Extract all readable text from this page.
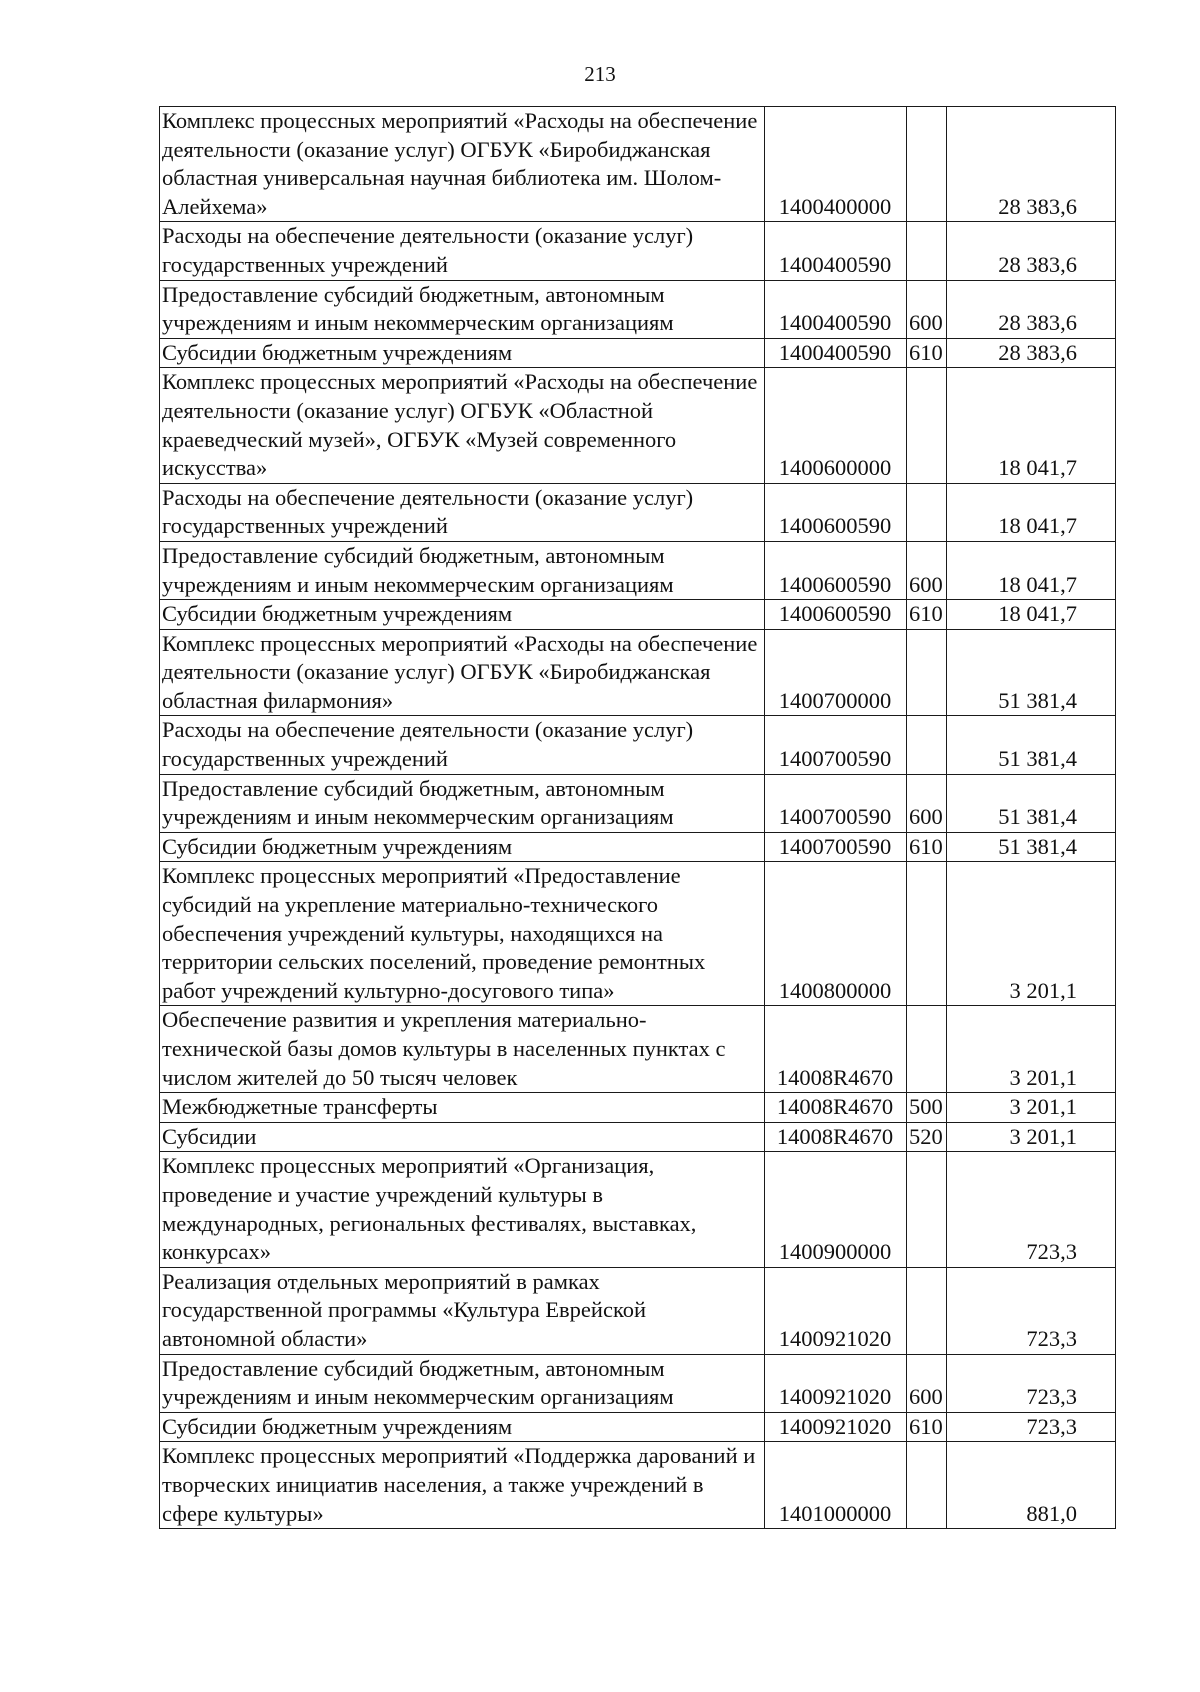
213
Комплекс процессных мероприятий «Расходы на обеспечение деятельности (оказание услуг) ОГБУК «Биробиджанская областная универсальная научная библиотека им. Шолом-Алейхема»	1400400000		28 383,6
Расходы на обеспечение деятельности (оказание услуг) государственных учреждений	1400400590		28 383,6
Предоставление субсидий бюджетным, автономным учреждениям и иным некоммерческим организациям	1400400590	600	28 383,6
Субсидии бюджетным учреждениям	1400400590	610	28 383,6
Комплекс процессных мероприятий «Расходы на обеспечение деятельности (оказание услуг) ОГБУК «Областной краеведческий музей», ОГБУК «Музей современного искусства»	1400600000		18 041,7
Расходы на обеспечение деятельности (оказание услуг) государственных учреждений	1400600590		18 041,7
Предоставление субсидий бюджетным, автономным учреждениям и иным некоммерческим организациям	1400600590	600	18 041,7
Субсидии бюджетным учреждениям	1400600590	610	18 041,7
Комплекс процессных мероприятий «Расходы на обеспечение деятельности (оказание услуг) ОГБУК «Биробиджанская областная филармония»	1400700000		51 381,4
Расходы на обеспечение деятельности (оказание услуг) государственных учреждений	1400700590		51 381,4
Предоставление субсидий бюджетным, автономным учреждениям и иным некоммерческим организациям	1400700590	600	51 381,4
Субсидии бюджетным учреждениям	1400700590	610	51 381,4
Комплекс процессных мероприятий «Предоставление субсидий на укрепление материально-технического обеспечения учреждений культуры, находящихся на территории сельских поселений, проведение ремонтных работ учреждений культурно-досугового типа»	1400800000		3 201,1
Обеспечение развития и укрепления материально-технической базы домов культуры в населенных пунктах с числом жителей до 50 тысяч человек	14008R4670		3 201,1
Межбюджетные трансферты	14008R4670	500	3 201,1
Субсидии	14008R4670	520	3 201,1
Комплекс процессных мероприятий «Организация, проведение и участие учреждений культуры в международных, региональных фестивалях, выставках, конкурсах»	1400900000		723,3
Реализация отдельных мероприятий в рамках государственной программы «Культура Еврейской автономной области»	1400921020		723,3
Предоставление субсидий бюджетным, автономным учреждениям и иным некоммерческим организациям	1400921020	600	723,3
Субсидии бюджетным учреждениям	1400921020	610	723,3
Комплекс процессных мероприятий «Поддержка дарований и творческих инициатив населения, а также учреждений в сфере культуры»	1401000000		881,0
